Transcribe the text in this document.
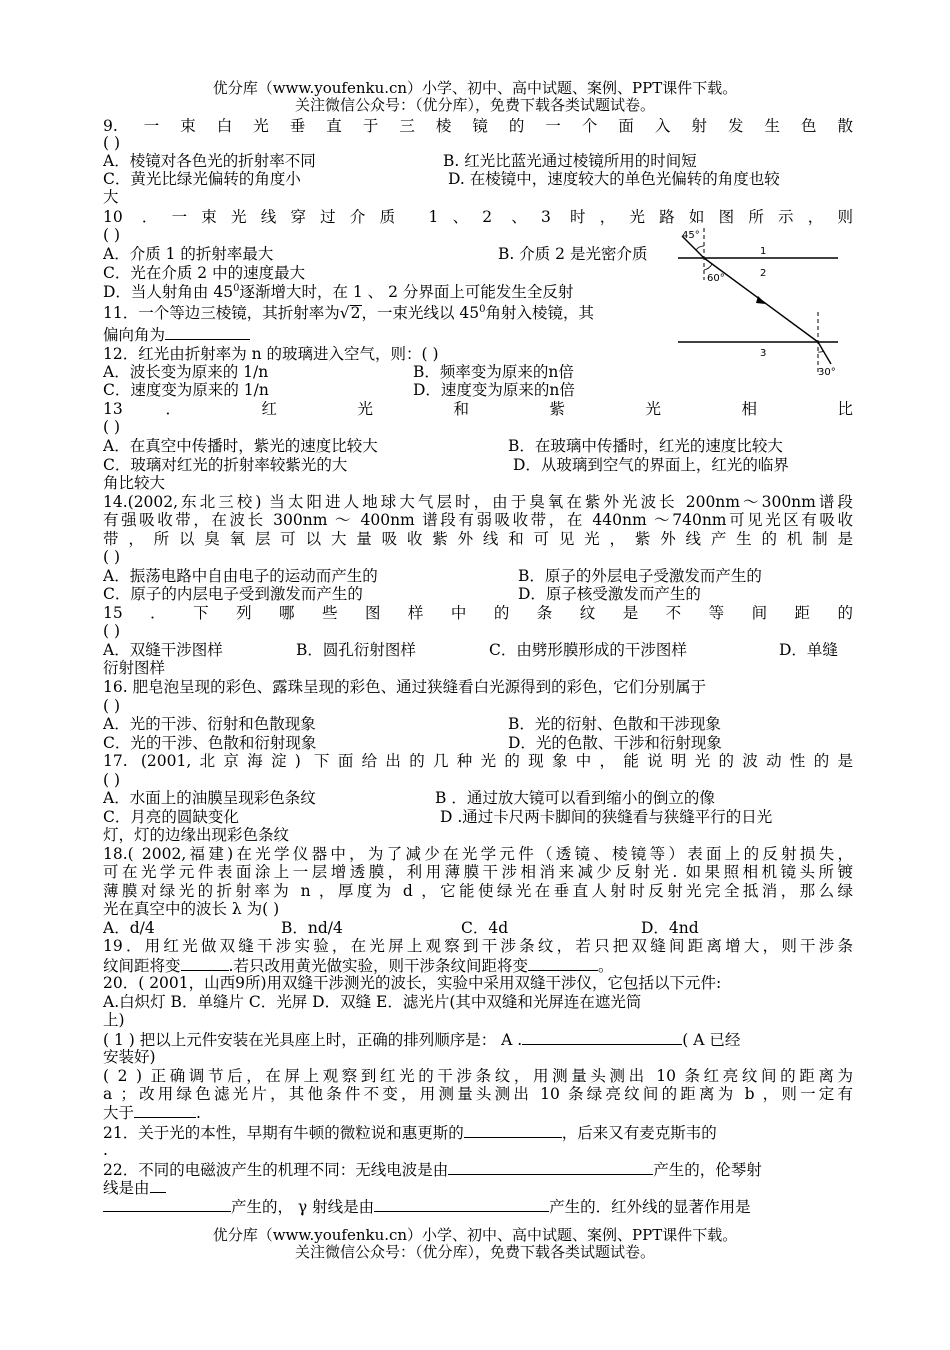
优分库（www.youfenku.cn）小学、初中、高中试题、案例、PPT课件下载。
关注微信公众号：（优分库），免费下载各类试题试卷。
9. 一束白光垂直于三棱镜的一个面入射发生色散
( )
A．棱镜对各色光的折射率不同	B. 红光比蓝光通过棱镜所用的时间短
C．黄光比绿光偏转的角度小	D. 在棱镜中，速度较大的单色光偏转的角度也较
大
10 ．一束光线穿过介质 1、2 、3 时，光路如图所示，则
( )
A．介质 1 的折射率最大	B. 介质 2 是光密介质
C．光在介质 2 中的速度最大
D．当人射角由 $45^0$逐渐增大时，在 1 、 2 分界面上可能发生全反射
45°
60°
30°
1
2
3
11．一个等边三棱镜，其折射率为√2，一束光线以 $45^0$角射入棱镜，其
偏向角为
12．红光由折射率为 n 的玻璃进入空气，则：( )
A．波长变为原来的 1/n	B．频率变为原来的n倍
C．速度变为原来的 1/n	D．速度变为原来的n倍
13 ． 红 光 和 紫 光 相 比
( )
A．在真空中传播时，紫光的速度比较大	B．在玻璃中传播时，红光的速度比较大
C．玻璃对红光的折射率较紫光的大	D．从玻璃到空气的界面上，红光的临界
角比较大
14.(2002,东北三校) 当太阳进人地球大气层时，由于臭氧在紫外光波长 200nm～300nm谱段
有强吸收带，在波长 300nm ～ 400nm 谱段有弱吸收带，在 440nm ～740nm可见光区有吸收
带，所以臭氧层可以大量吸收紫外线和可见光，紫外线产生的机制是
( )
A．振荡电路中自由电子的运动而产生的	B．原子的外层电子受激发而产生的
C．原子的内层电子受到激发而产生的	D．原子核受激发而产生的
15．下列哪些图样中的条纹是不等间距的
( )
A．双缝干涉图样	B．圆孔衍射图样	C．由劈形膜形成的干涉图样	D．单缝
衍射图样
16. 肥皂泡呈现的彩色、露珠呈现的彩色、通过狭缝看白光源得到的彩色，它们分别属于
( )
A．光的干涉、衍射和色散现象	B．光的衍射、色散和干涉现象
C．光的干涉、色散和衍射现象	D．光的色散、干涉和衍射现象
17. (2001,北京海淀) 下面给出的几种光的现象中，能说明光的波动性的是
( )
A．水面上的油膜呈现彩色条纹	B ．通过放大镜可以看到缩小的倒立的像
C．月亮的圆缺变化	D .通过卡尺两卡脚间的狭缝看与狭缝平行的日光
灯，灯的边缘出现彩色条纹
18.( 2002,福建)在光学仪器中，为了减少在光学元件（透镜、棱镜等）表面上的反射损失，
可在光学元件表面涂上一层增透膜，利用薄膜干涉相消来减少反射光. 如果照相机镜头所镀
薄膜对绿光的折射率为 n ，厚度为 d ，它能使绿光在垂直人射时反射光完全抵消，那么绿
光在真空中的波长 λ 为( )
A．d/4	B．nd/4	C．4d	D．4nd
19．用红光做双缝干涉实验，在光屏上观察到干涉条纹，若只把双缝间距离增大，则干涉条
纹间距将变	.若只改用黄光做实验，则干涉条纹间距将变	。
20．( 2001，山西9所)用双缝干涉测光的波长，实验中采用双缝干涉仪，它包括以下元件:
A.白炽灯 B．单缝片 C．光屏 D．双缝 E．滤光片(其中双缝和光屏连在遮光筒
上)
( 1 ) 把以上元件安装在光具座上时，正确的排列顺序是： A .	( A 已经
安装好)
( 2 ) 正确调节后，在屏上观察到红光的干涉条纹，用测量头测出 10 条红亮纹间的距离为
a ；改用绿色滤光片，其他条件不变，用测量头测出 10 条绿亮纹间的距离为 b ，则一定有
大于	.
21．关于光的本性，早期有牛顿的微粒说和惠更斯的	，后来又有麦克斯韦的
.
22．不同的电磁波产生的机理不同：无线电波是由	产生的，伦琴射
线是由
产生的， γ 射线是由	产生的．红外线的显著作用是
优分库（www.youfenku.cn）小学、初中、高中试题、案例、PPT课件下载。
关注微信公众号：（优分库），免费下载各类试题试卷。
